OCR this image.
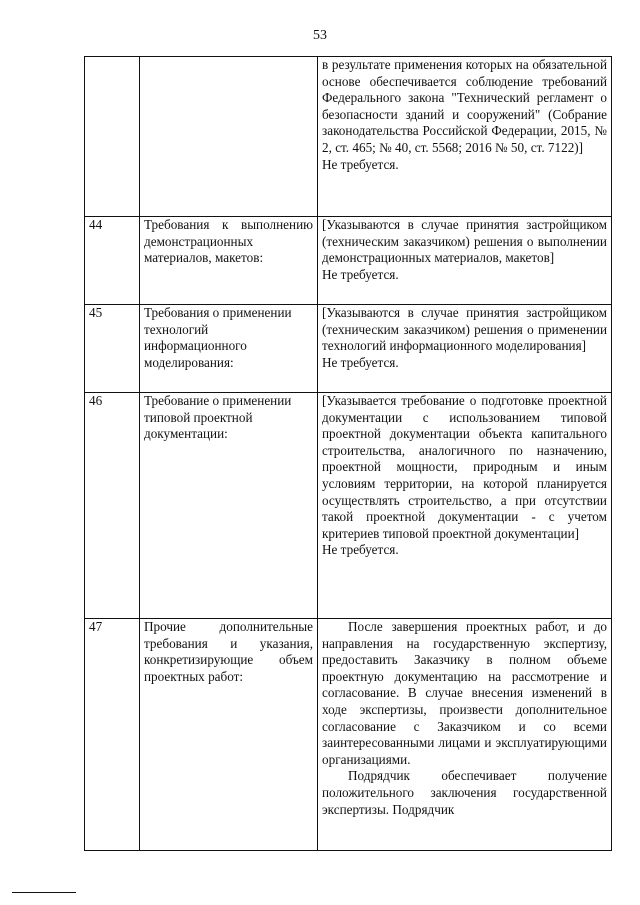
53

		в результате применения которых на обязательной основе обеспечивается соблюдение требований Федерального закона "Технический регламент о безопасности зданий и сооружений" (Собрание законодательства Российской Федерации, 2015, № 2, ст. 465; № 40, ст. 5568; 2016 № 50, ст. 7122)]
Не требуется.

44	Требования к выполнению демонстрационных материалов, макетов:	[Указываются в случае принятия застройщиком (техническим заказчиком) решения о выполнении демонстрационных материалов, макетов]
Не требуется.

45	Требования о применении технологий информационного моделирования:	[Указываются в случае принятия застройщиком (техническим заказчиком) решения о применении технологий информационного моделирования]
Не требуется.

46	Требование о применении типовой проектной документации:	[Указывается требование о подготовке проектной документации с использованием типовой проектной документации объекта капитального строительства, аналогичного по назначению, проектной мощности, природным и иным условиям территории, на которой планируется осуществлять строительство, а при отсутствии такой проектной документации - с учетом критериев типовой проектной документации]
Не требуется.

47	Прочие дополнительные требования и указания, конкретизирующие объем проектных работ:	После завершения проектных работ, и до направления на государственную экспертизу, предоставить Заказчику в полном объеме проектную документацию на рассмотрение и согласование. В случае внесения изменений в ходе экспертизы, произвести дополнительное согласование с Заказчиком и со всеми заинтересованными лицами и эксплуатирующими организациями.
Подрядчик обеспечивает получение положительного заключения государственной экспертизы. Подрядчик
